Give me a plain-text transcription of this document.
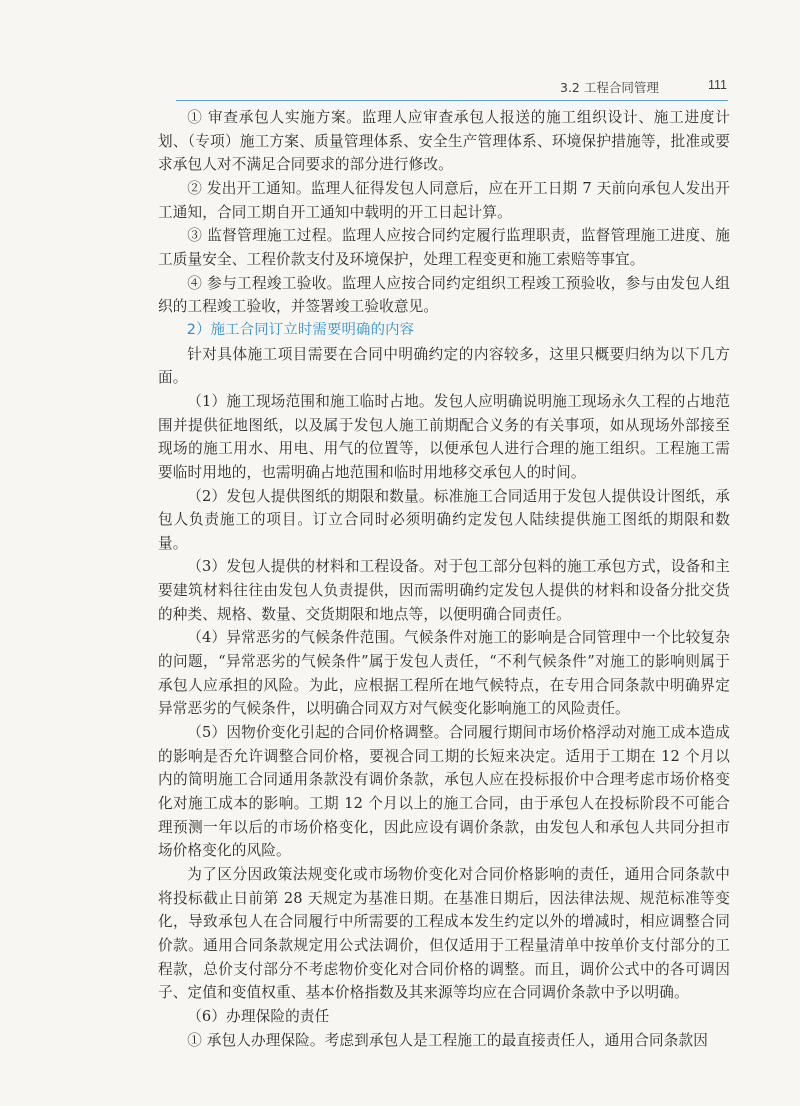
3.2 工程合同管理	111

① 审查承包人实施方案。监理人应审查承包人报送的施工组织设计、施工进度计划、（专项）施工方案、质量管理体系、安全生产管理体系、环境保护措施等，批准或要求承包人对不满足合同要求的部分进行修改。

② 发出开工通知。监理人征得发包人同意后，应在开工日期 7 天前向承包人发出开工通知，合同工期自开工通知中载明的开工日起计算。

③ 监督管理施工过程。监理人应按合同约定履行监理职责，监督管理施工进度、施工质量安全、工程价款支付及环境保护，处理工程变更和施工索赔等事宜。

④ 参与工程竣工验收。监理人应按合同约定组织工程竣工预验收，参与由发包人组织的工程竣工验收，并签署竣工验收意见。

2）施工合同订立时需要明确的内容

针对具体施工项目需要在合同中明确约定的内容较多，这里只概要归纳为以下几方面。

（1）施工现场范围和施工临时占地。发包人应明确说明施工现场永久工程的占地范围并提供征地图纸，以及属于发包人施工前期配合义务的有关事项，如从现场外部接至现场的施工用水、用电、用气的位置等，以便承包人进行合理的施工组织。工程施工需要临时用地的，也需明确占地范围和临时用地移交承包人的时间。

（2）发包人提供图纸的期限和数量。标准施工合同适用于发包人提供设计图纸，承包人负责施工的项目。订立合同时必须明确约定发包人陆续提供施工图纸的期限和数量。

（3）发包人提供的材料和工程设备。对于包工部分包料的施工承包方式，设备和主要建筑材料往往由发包人负责提供，因而需明确约定发包人提供的材料和设备分批交货的种类、规格、数量、交货期限和地点等，以便明确合同责任。

（4）异常恶劣的气候条件范围。气候条件对施工的影响是合同管理中一个比较复杂的问题，“异常恶劣的气候条件”属于发包人责任，“不利气候条件”对施工的影响则属于承包人应承担的风险。为此，应根据工程所在地气候特点，在专用合同条款中明确界定异常恶劣的气候条件，以明确合同双方对气候变化影响施工的风险责任。

（5）因物价变化引起的合同价格调整。合同履行期间市场价格浮动对施工成本造成的影响是否允许调整合同价格，要视合同工期的长短来决定。适用于工期在 12 个月以内的简明施工合同通用条款没有调价条款，承包人应在投标报价中合理考虑市场价格变化对施工成本的影响。工期 12 个月以上的施工合同，由于承包人在投标阶段不可能合理预测一年以后的市场价格变化，因此应设有调价条款，由发包人和承包人共同分担市场价格变化的风险。

为了区分因政策法规变化或市场物价变化对合同价格影响的责任，通用合同条款中将投标截止日前第 28 天规定为基准日期。在基准日期后，因法律法规、规范标准等变化，导致承包人在合同履行中所需要的工程成本发生约定以外的增减时，相应调整合同价款。通用合同条款规定用公式法调价，但仅适用于工程量清单中按单价支付部分的工程款，总价支付部分不考虑物价变化对合同价格的调整。而且，调价公式中的各可调因子、定值和变值权重、基本价格指数及其来源等均应在合同调价条款中予以明确。

（6）办理保险的责任

① 承包人办理保险。考虑到承包人是工程施工的最直接责任人，通用合同条款因
